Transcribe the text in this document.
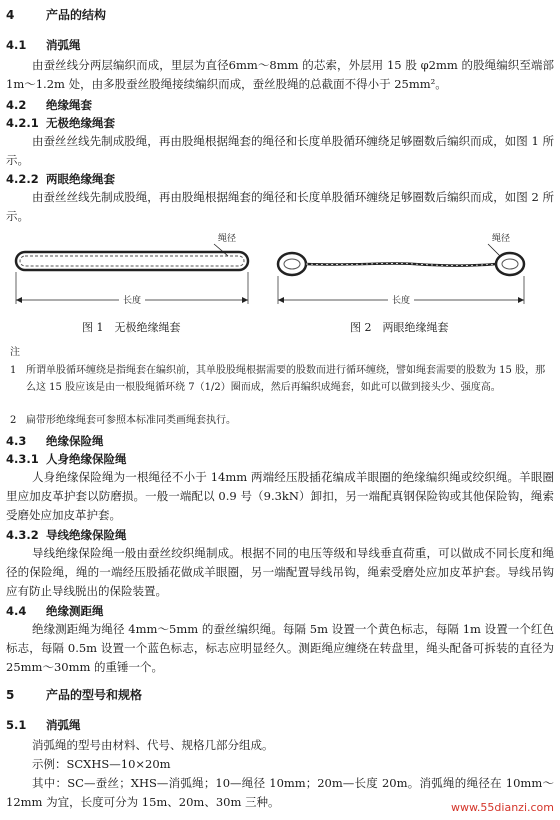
4	产品的结构
4.1 消弧绳
由蚕丝线分两层编织而成，里层为直径6mm～8mm 的芯索，外层用 15 股 φ2mm 的股绳编织至端部 1m～1.2m 处，由多股蚕丝股绳接续编织而成，蚕丝股绳的总截面不得小于 25mm²。
4.2 绝缘绳套
4.2.1 无极绝缘绳套
由蚕丝丝线先制成股绳，再由股绳根据绳套的绳径和长度单股循环缠绕足够圈数后编织而成，如图 1 所示。
4.2.2 两眼绝缘绳套
由蚕丝丝线先制成股绳，再由股绳根据绳套的绳径和长度单股循环缠绕足够圈数后编织而成，如图 2 所示。
绳径
长度
图 1　无极绝缘绳套
绳径
长度
图 2　两眼绝缘绳套
注
1 所谓单股循环缠绕是指绳套在编织前，其单股股绳根据需要的股数而进行循环缠绕，譬如绳套需要的股数为 15 股，那么这 15 股应该是由一根股绳循环绕 7（1/2）圈而成，然后再编织成绳套，如此可以做到接头少、强度高。
2 扁带形绝缘绳套可参照本标准同类画绳套执行。
4.3 绝缘保险绳
4.3.1 人身绝缘保险绳
人身绝缘保险绳为一根绳径不小于 14mm 两端经压股插花编成羊眼圈的绝缘编织绳或绞织绳。羊眼圈里应加皮革护套以防磨损。一般一端配以 0.9 号（9.3kN）卸扣，另一端配真钢保险钩或其他保险钩，绳索受磨处应加皮革护套。
4.3.2 导线绝缘保险绳
导线绝缘保险绳一般由蚕丝绞织绳制成。根据不同的电压等级和导线垂直荷重，可以做成不同长度和绳径的保险绳，绳的一端经压股插花做成羊眼圈，另一端配置导线吊钩，绳索受磨处应加皮革护套。导线吊钩应有防止导线脱出的保险装置。
4.4 绝缘测距绳
绝缘测距绳为绳径 4mm～5mm 的蚕丝编织绳。每隔 5m 设置一个黄色标志，每隔 1m 设置一个红色标志，每隔 0.5m 设置一个蓝色标志，标志应明显经久。测距绳应缠绕在转盘里，绳头配备可拆装的直径为 25mm～30mm 的重锤一个。
5	产品的型号和规格
5.1 消弧绳
消弧绳的型号由材料、代号、规格几部分组成。
示例：SCXHS—10×20m
其中：SC—蚕丝；XHS—消弧绳；10—绳径 10mm；20m—长度 20m。消弧绳的绳径在 10mm～12mm 为宜，长度可分为 15m、20m、30m 三种。	www.55dianzi.com
